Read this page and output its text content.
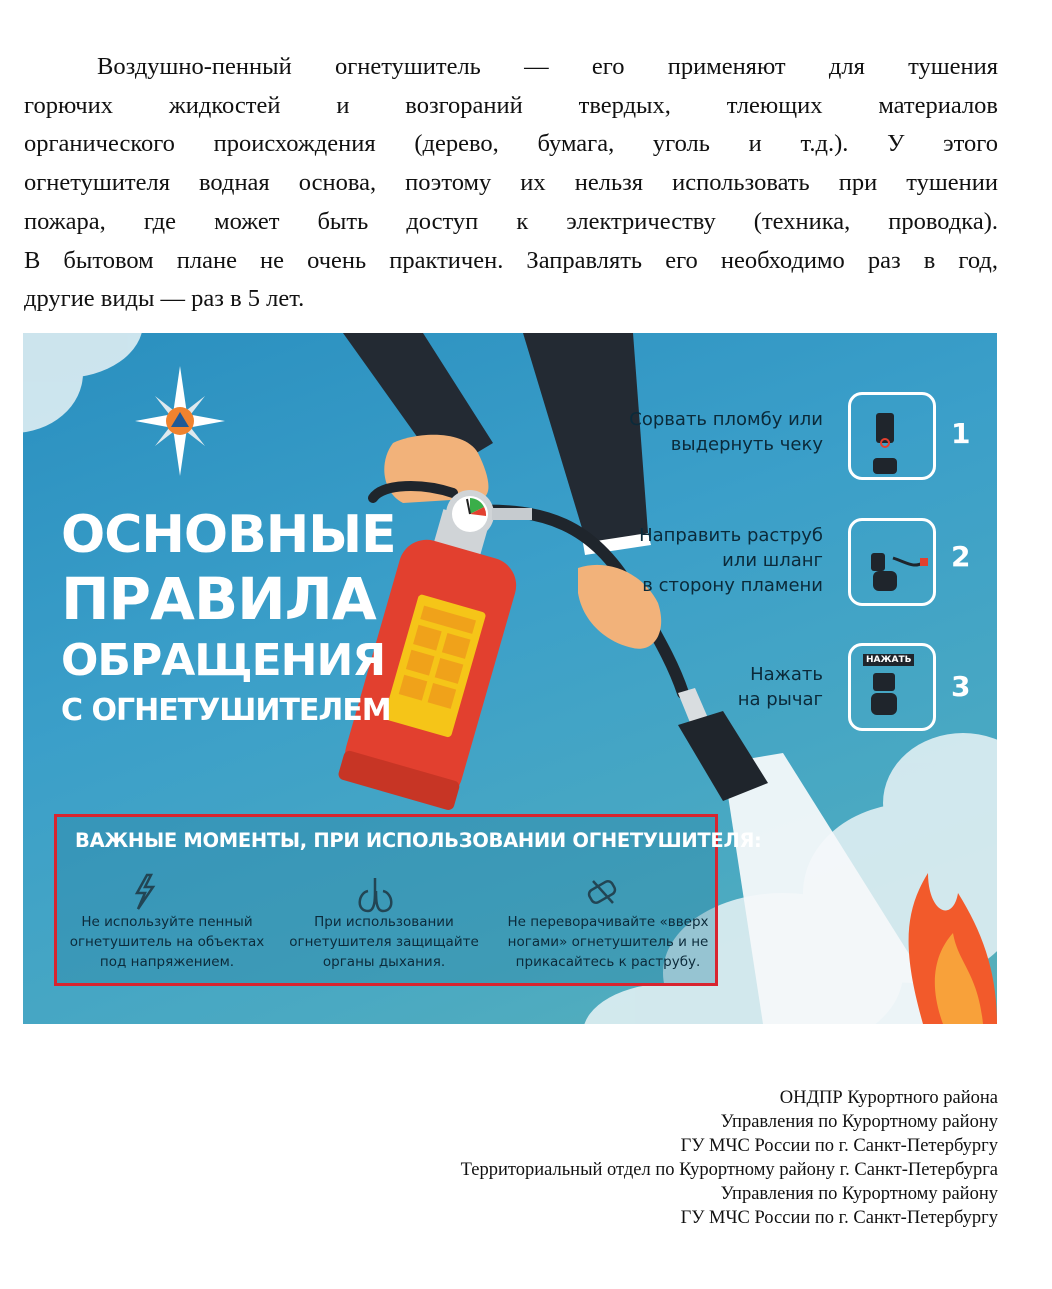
Воздушно-пенный огнетушитель — его применяют для тушения
горючих жидкостей и возгораний твердых, тлеющих материалов
органического происхождения (дерево, бумага, уголь и т.д.). У этого
огнетушителя водная основа, поэтому их нельзя использовать при тушении
пожара, где может быть доступ к электричеству (техника, проводка).
В бытовом плане не очень практичен. Заправлять его необходимо раз в год,
другие виды — раз в 5 лет.
ОСНОВНЫЕ
ПРАВИЛА
ОБРАЩЕНИЯ
С ОГНЕТУШИТЕЛЕМ
Сорвать пломбу или
выдернуть чеку	1
Направить раструб
или шланг
в сторону пламени
2
Нажать
на рычаг
НАЖАТЬ
3
ВАЖНЫЕ МОМЕНТЫ, ПРИ ИСПОЛЬЗОВАНИИ ОГНЕТУШИТЕЛЯ:
Не используйте пенный
огнетушитель на объектах
под напряжением.
При использовании
огнетушителя защищайте
органы дыхания.
Не переворачивайте «вверх
ногами» огнетушитель и не
прикасайтесь к раструбу.
ОНДПР Курортного района
Управления по Курортному району
ГУ МЧС России по г. Санкт-Петербургу
Территориальный отдел по Курортному району г. Санкт-Петербурга
Управления по Курортному району
ГУ МЧС России по г. Санкт-Петербургу
